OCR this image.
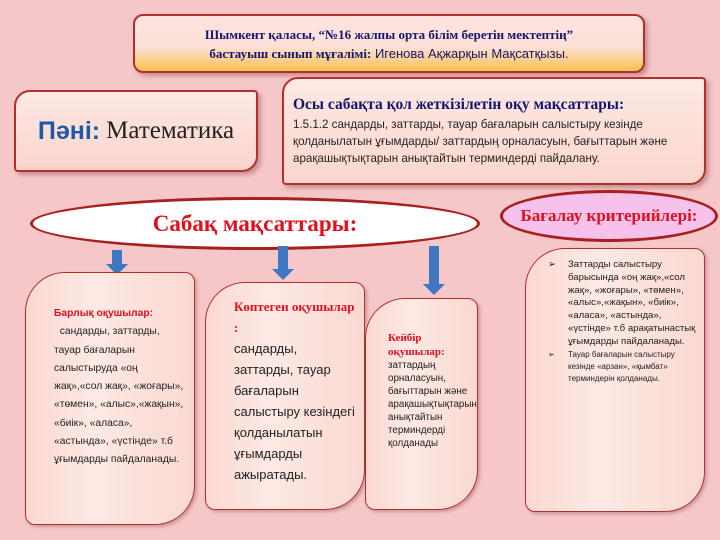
Шымкент қаласы, “№16 жалпы орта білім беретін мектептің”
бастауыш сынып мұғалімі: Игенова Ақжарқын Мақсатқызы.
Пәні: Математика
Осы сабақта қол жеткізілетін оқу мақсаттары:
1.5.1.2 сандарды, заттарды, тауар бағаларын салыстыру кезінде қолданылатын ұғымдарды/ заттардың орналасуын, бағыттарын және арақашықтықтарын анықтайтын терминдерді пайдалану.
Сабақ мақсаттары:	Бағалау критерийлері:
Барлық оқушылар:
сандарды, заттарды, тауар бағаларын салыстыруда «оң жақ»,«сол жақ», «жоғары», «төмен», «алыс»,«жақын», «биік», «аласа», «астында», «үстінде» т.б ұғымдарды пайдаланады.
Көптеген оқушылар :
сандарды, заттарды, тауар бағаларын салыстыру кезіндегі қолданылатын ұғымдарды ажыратады.
Кейбір оқушылар:
заттардың орналасуын, бағыттарын және арақашықтықтарын анықтайтын терминдерді қолданады
➢ Заттарды салыстыру барысында «оң жақ»,«сол жақ», «жоғары», «төмен», «алыс»,«жақын», «биік», «аласа», «астында», «үстінде» т.б арақатынастық ұғымдарды пайдаланады.
➢	Тауар бағаларын салыстыру кезінде «арзан», «қымбат» терминдерін қолданады.
